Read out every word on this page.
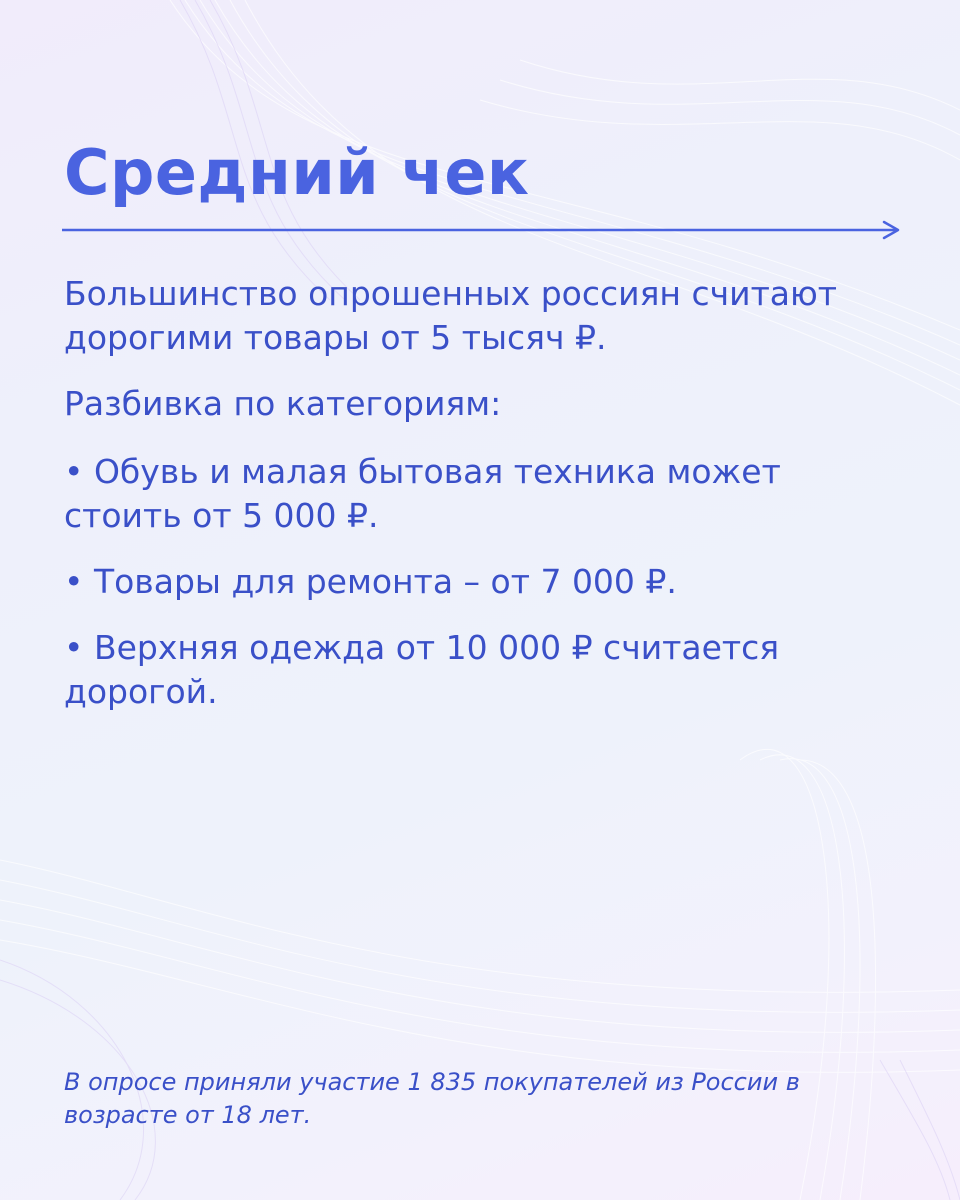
Средний чек

Большинство опрошенных россиян считают дорогими товары от 5 тысяч ₽.

Разбивка по категориям:

• Обувь и малая бытовая техника может стоить от 5 000 ₽.

• Товары для ремонта – от 7 000 ₽.

• Верхняя одежда от 10 000 ₽ считается дорогой.

В опросе приняли участие 1 835 покупателей из России в возрасте от 18 лет.
